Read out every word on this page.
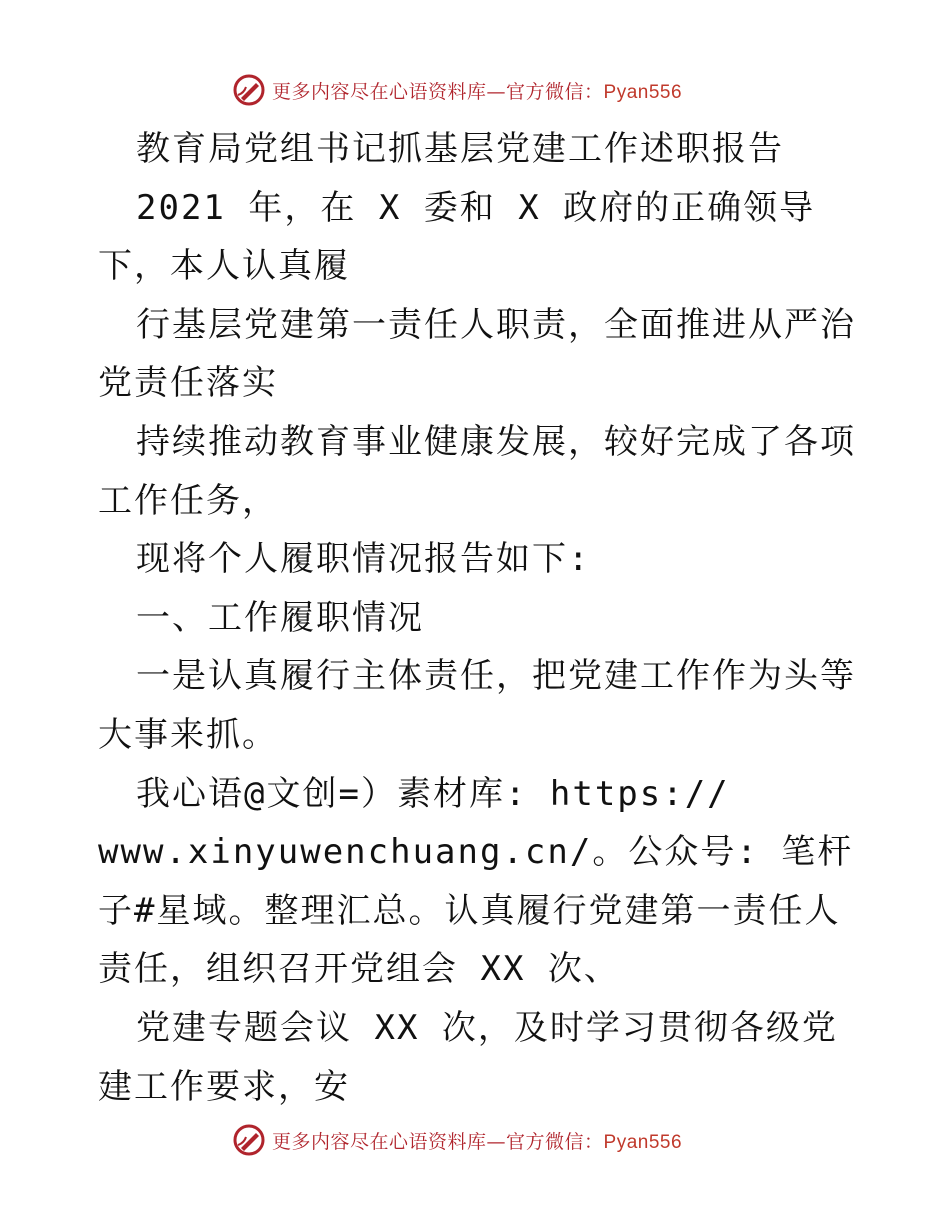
更多内容尽在心语资料库—官方微信：Pyan556

教育局党组书记抓基层党建工作述职报告

2021 年，在 X 委和 X 政府的正确领导下，本人认真履

行基层党建第一责任人职责，全面推进从严治党责任落实

持续推动教育事业健康发展，较好完成了各项工作任务，

现将个人履职情况报告如下:

一、工作履职情况

一是认真履行主体责任，把党建工作作为头等大事来抓。

我心语@文创=）素材库: https://

www.xinyuwenchuang.cn/。公众号: 笔杆子#星域。整理汇总。认真履行党建第一责任人责任，组织召开党组会 XX 次、

党建专题会议 XX 次，及时学习贯彻各级党建工作要求，安

更多内容尽在心语资料库—官方微信：Pyan556
